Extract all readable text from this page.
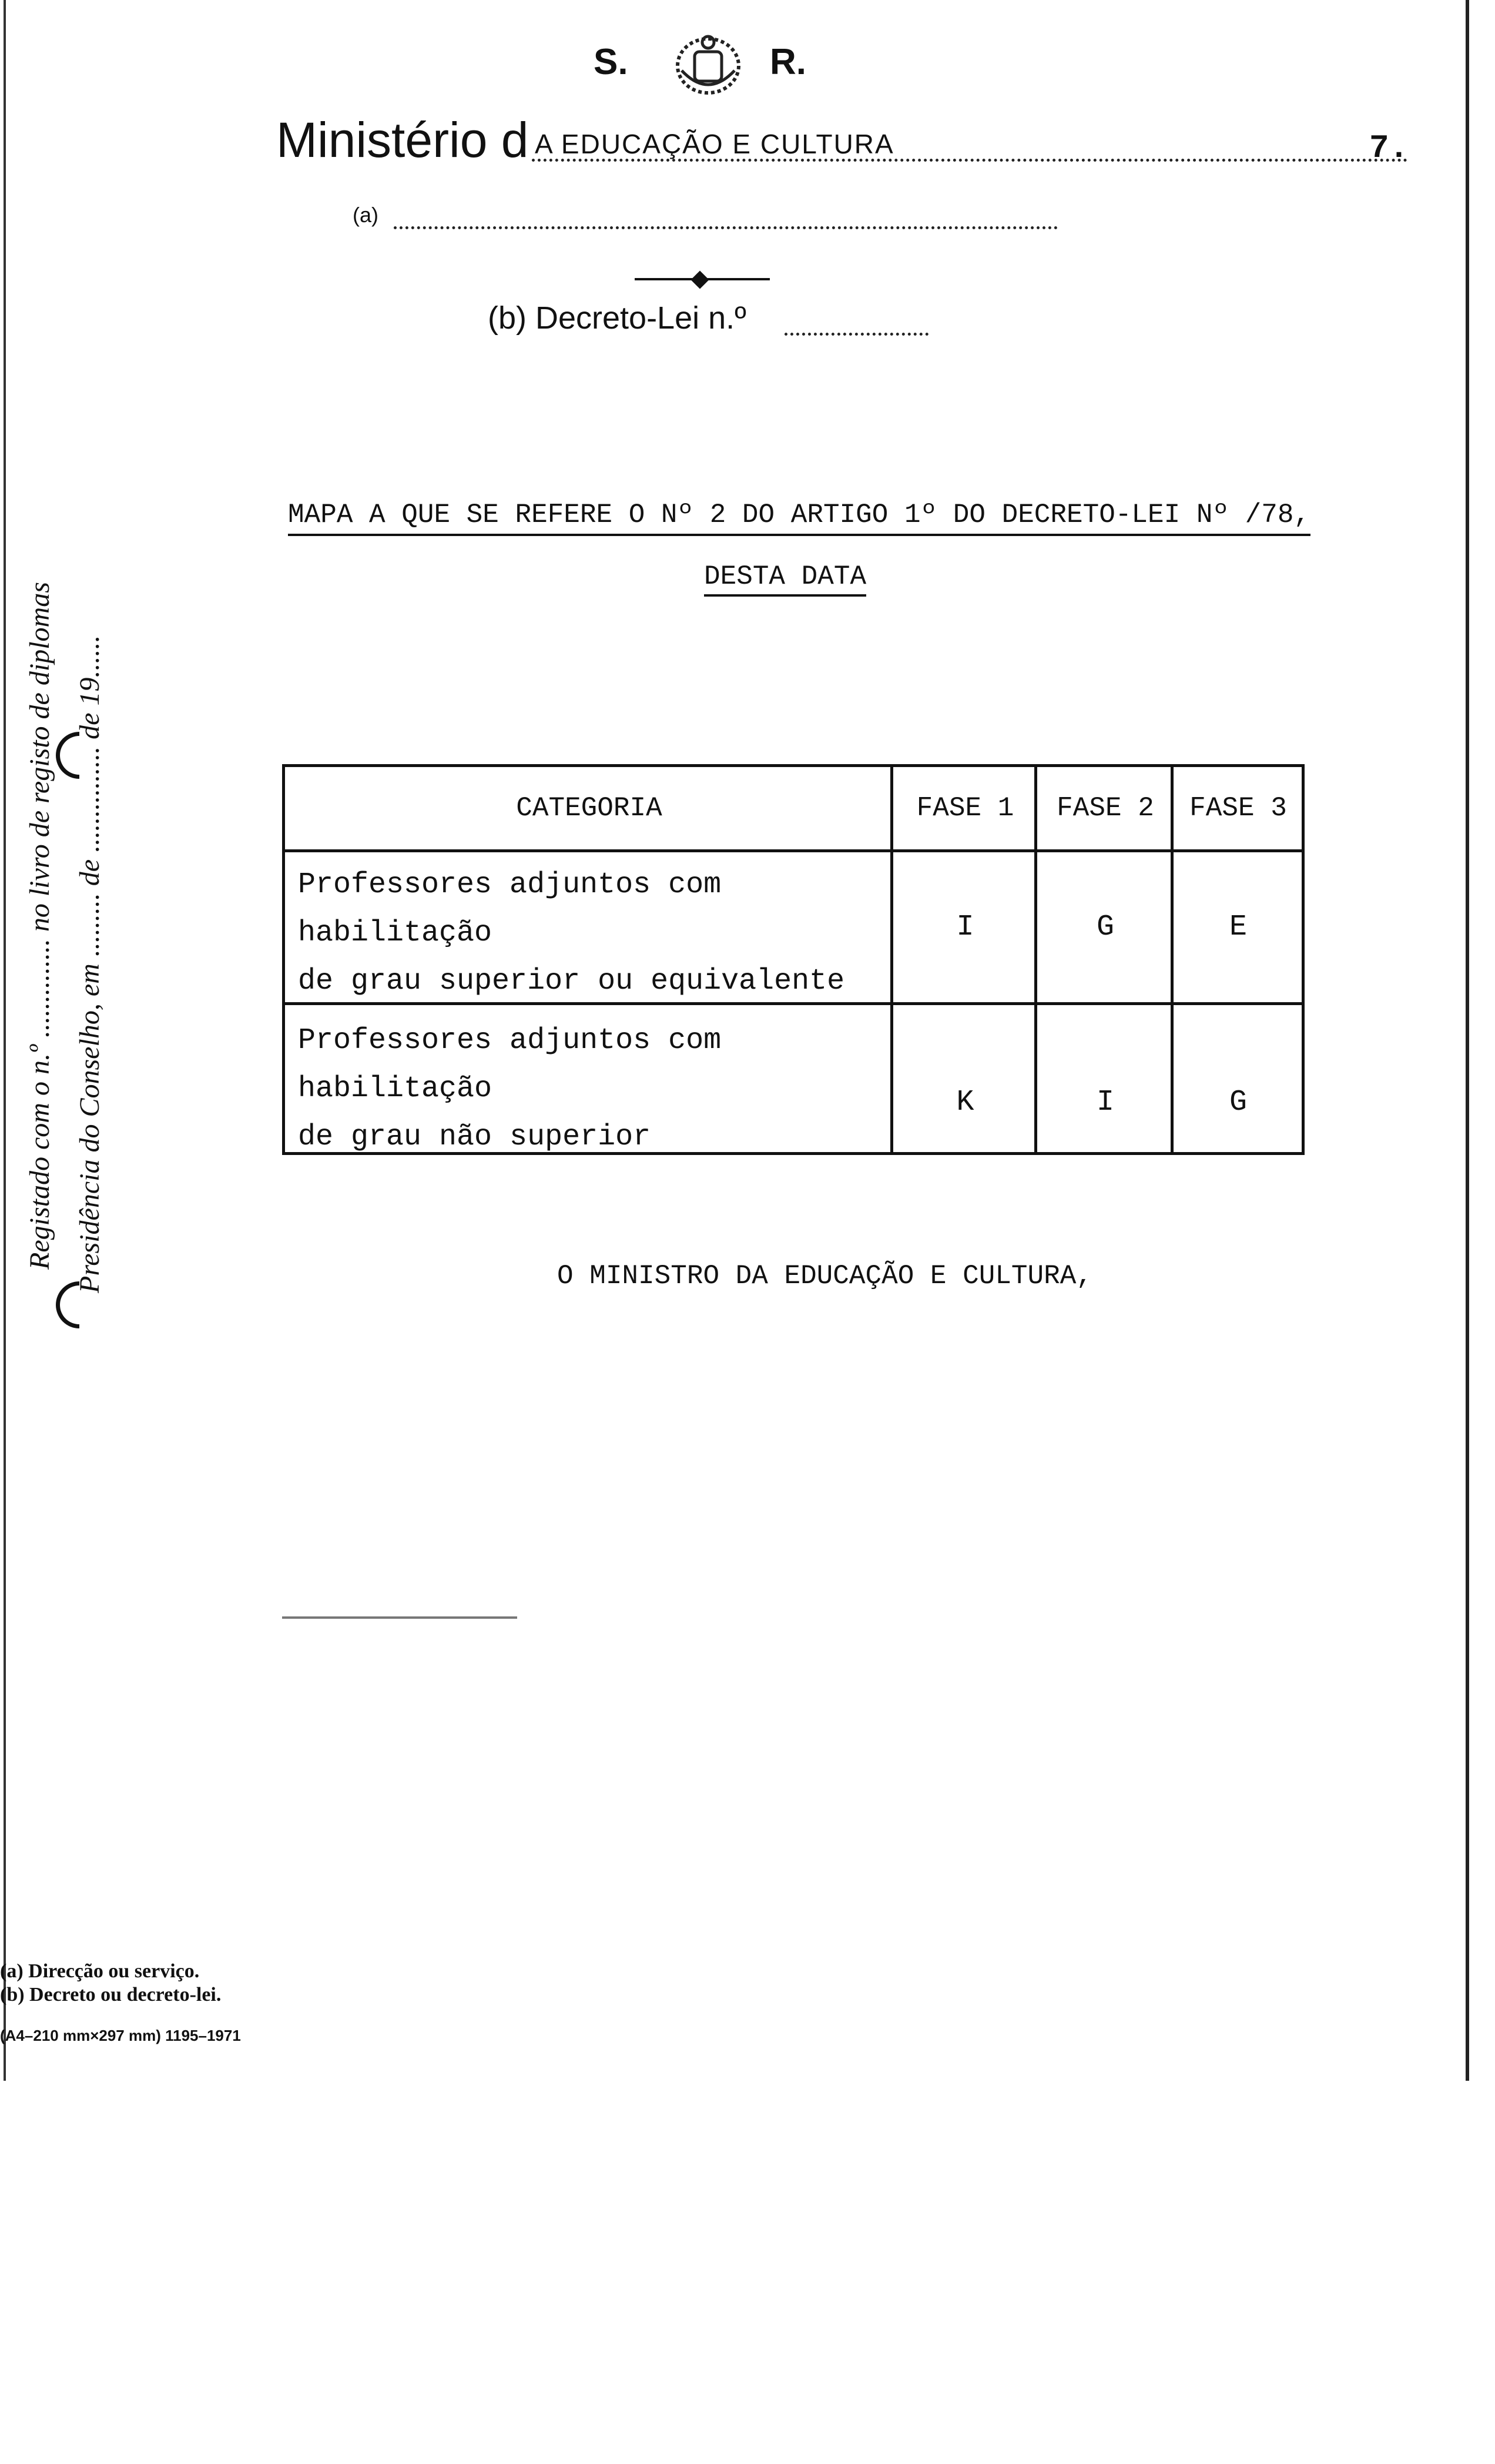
S.	R.
Ministério d A EDUCAÇÃO E CULTURA	7.
(a)
(b) Decreto-Lei n.º
MAPA A QUE SE REFERE O Nº 2 DO ARTIGO 1º DO DECRETO-LEI Nº /78,
DESTA DATA
CATEGORIA	FASE 1	FASE 2	FASE 3
Professores adjuntos com habilitação
de grau superior ou equivalente
I	G	E
Professores adjuntos com habilitação
de grau não superior
K	I	G
O MINISTRO DA EDUCAÇÃO E CULTURA,
Registado com o n.º .............. no livro de registo de diplomas Presidência do Conselho, em ......... de ............... de 19......
(a) Direcção ou serviço.
(b) Decreto ou decreto-lei.
(A4–210 mm×297 mm) 1195–1971
